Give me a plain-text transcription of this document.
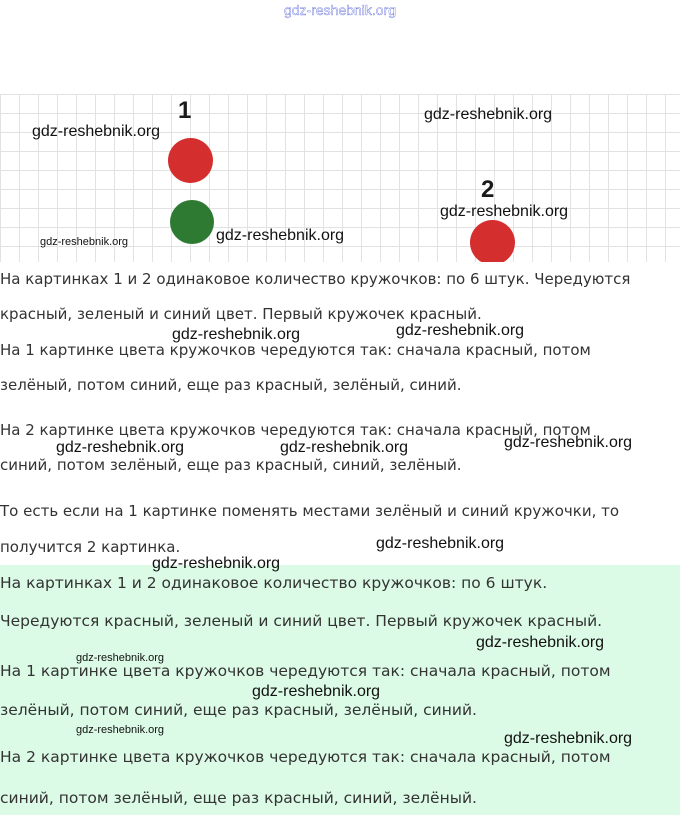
gdz-reshebnik.org
1
2
gdz-reshebnik.org
gdz-reshebnik.org
gdz-reshebnik.org
gdz-reshebnik.org
gdz-reshebnik.org
На картинках 1 и 2 одинаковое количество кружочков: по 6 штук. Чередуются
красный, зеленый и синий цвет. Первый кружочек красный.
На 1 картинке цвета кружочков чередуются так: сначала красный, потом
зелёный, потом синий, еще раз красный, зелёный, синий.
На 2 картинке цвета кружочков чередуются так: сначала красный, потом
синий, потом зелёный, еще раз красный, синий, зелёный.
То есть если на 1 картинке поменять местами зелёный и синий кружочки, то
получится 2 картинка.
gdz-reshebnik.org	gdz-reshebnik.org
gdz-reshebnik.org	gdz-reshebnik.org	gdz-reshebnik.org
gdz-reshebnik.org
На картинках 1 и 2 одинаковое количество кружочков: по 6 штук.
Чередуются красный, зеленый и синий цвет. Первый кружочек красный.
На 1 картинке цвета кружочков чередуются так: сначала красный, потом
зелёный, потом синий, еще раз красный, зелёный, синий.
На 2 картинке цвета кружочков чередуются так: сначала красный, потом
синий, потом зелёный, еще раз красный, синий, зелёный.
gdz-reshebnik.org
gdz-reshebnik.org
gdz-reshebnik.org
gdz-reshebnik.org
gdz-reshebnik.org	gdz-reshebnik.org
